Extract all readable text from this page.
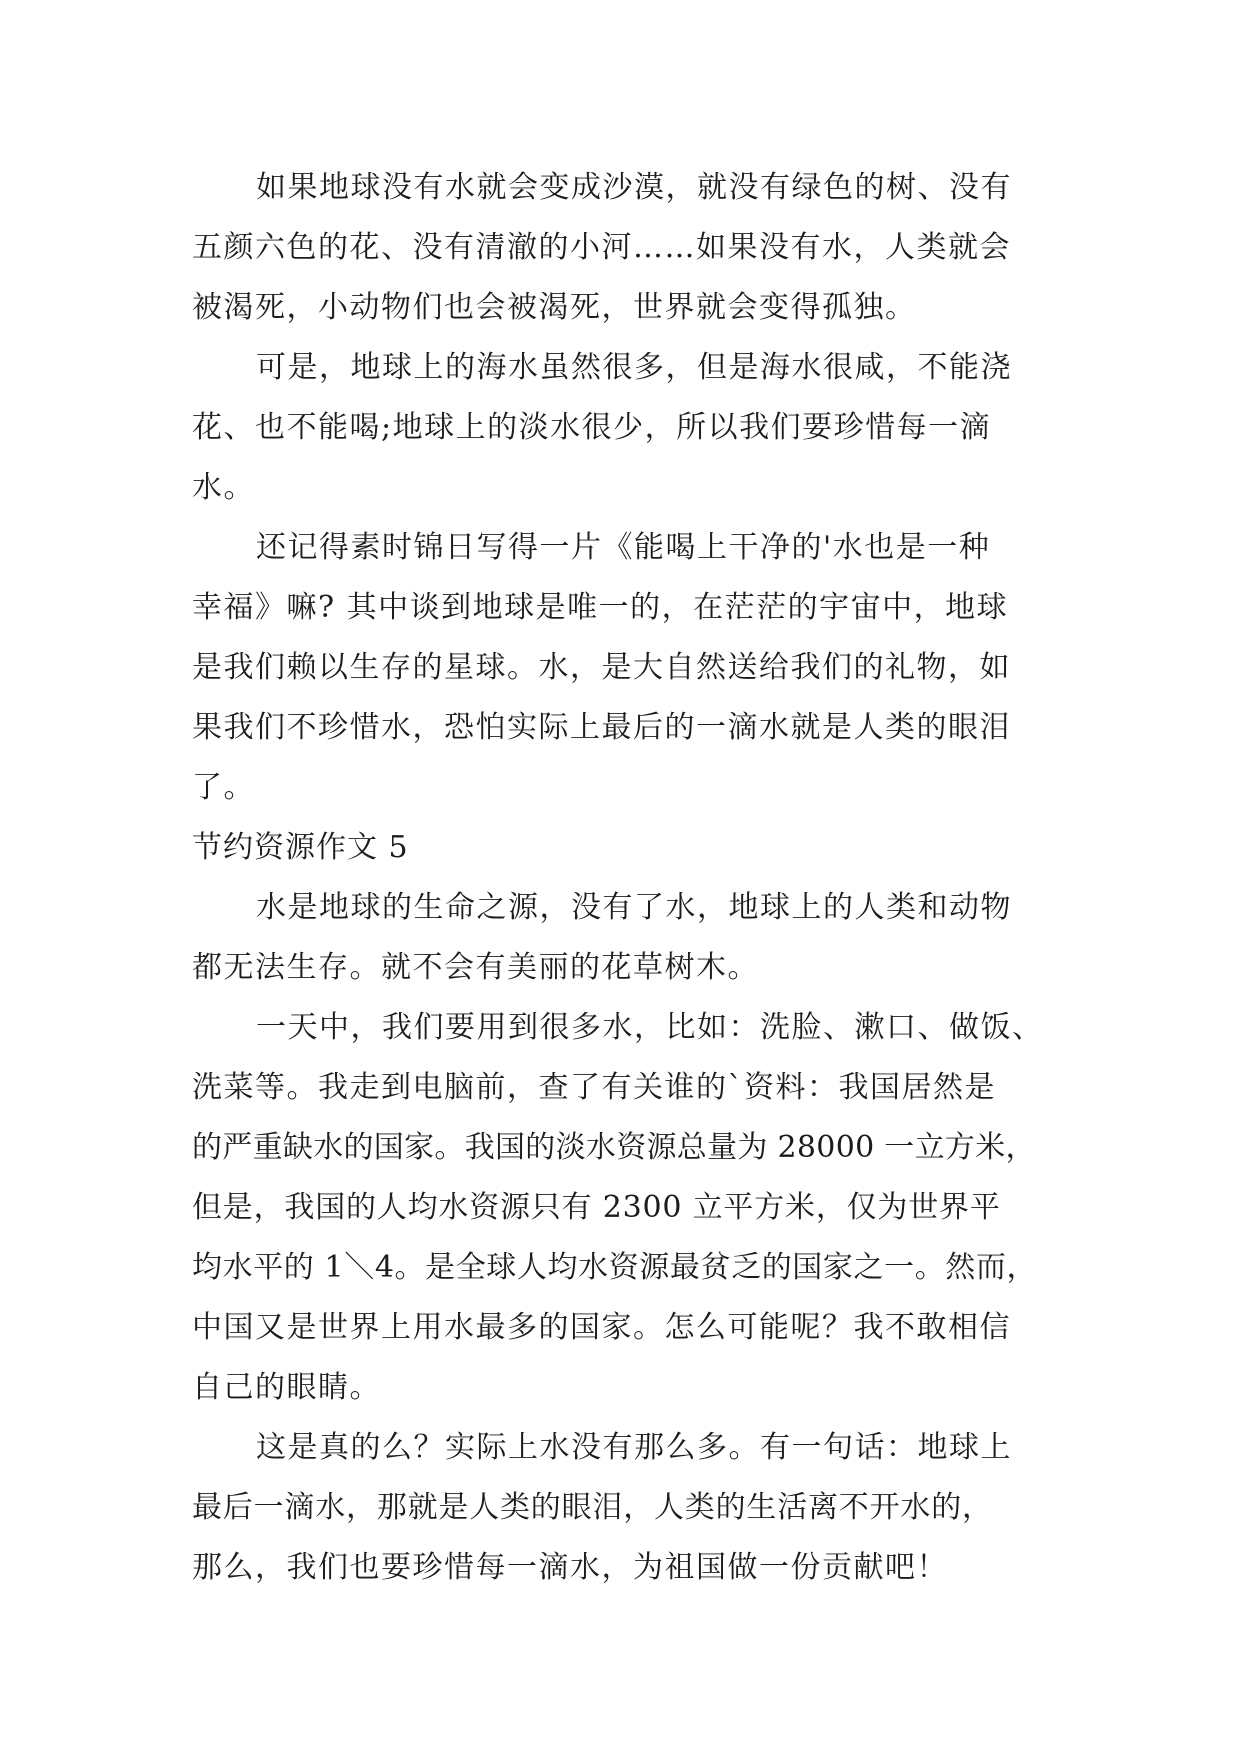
如果地球没有水就会变成沙漠，就没有绿色的树、没有
五颜六色的花、没有清澈的小河……如果没有水，人类就会
被渴死，小动物们也会被渴死，世界就会变得孤独。
可是，地球上的海水虽然很多，但是海水很咸，不能浇
花、也不能喝;地球上的淡水很少，所以我们要珍惜每一滴
水。
还记得素时锦日写得一片《能喝上干净的'水也是一种
幸福》嘛? 其中谈到地球是唯一的，在茫茫的宇宙中，地球
是我们赖以生存的星球。水，是大自然送给我们的礼物，如
果我们不珍惜水，恐怕实际上最后的一滴水就是人类的眼泪
了。
节约资源作文 5
水是地球的生命之源，没有了水，地球上的人类和动物
都无法生存。就不会有美丽的花草树木。
一天中，我们要用到很多水，比如：洗脸、漱口、做饭、
洗菜等。我走到电脑前，查了有关谁的`资料：我国居然是
的严重缺水的国家。我国的淡水资源总量为 28000 一立方米，
但是，我国的人均水资源只有 2300 立平方米，仅为世界平
均水平的 1＼4。是全球人均水资源最贫乏的国家之一。然而，
中国又是世界上用水最多的国家。怎么可能呢？我不敢相信
自己的眼睛。
这是真的么？实际上水没有那么多。有一句话：地球上
最后一滴水，那就是人类的眼泪，人类的生活离不开水的，
那么，我们也要珍惜每一滴水，为祖国做一份贡献吧！
